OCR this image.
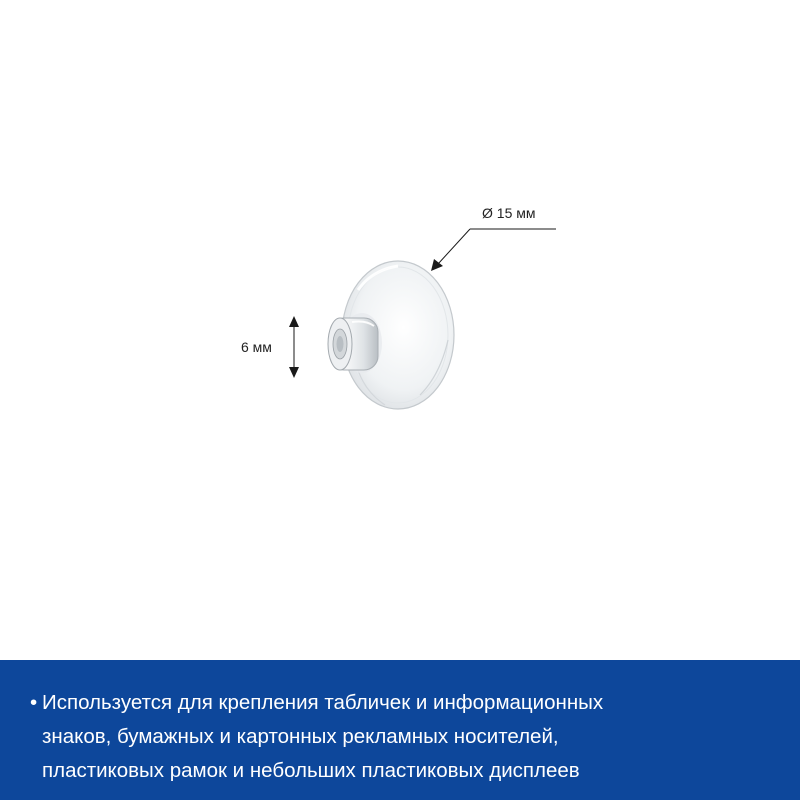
Ø 15 мм
6 мм
• Используется для крепления табличек и информационных
знаков, бумажных и картонных рекламных носителей,
пластиковых рамок и небольших пластиковых дисплеев
